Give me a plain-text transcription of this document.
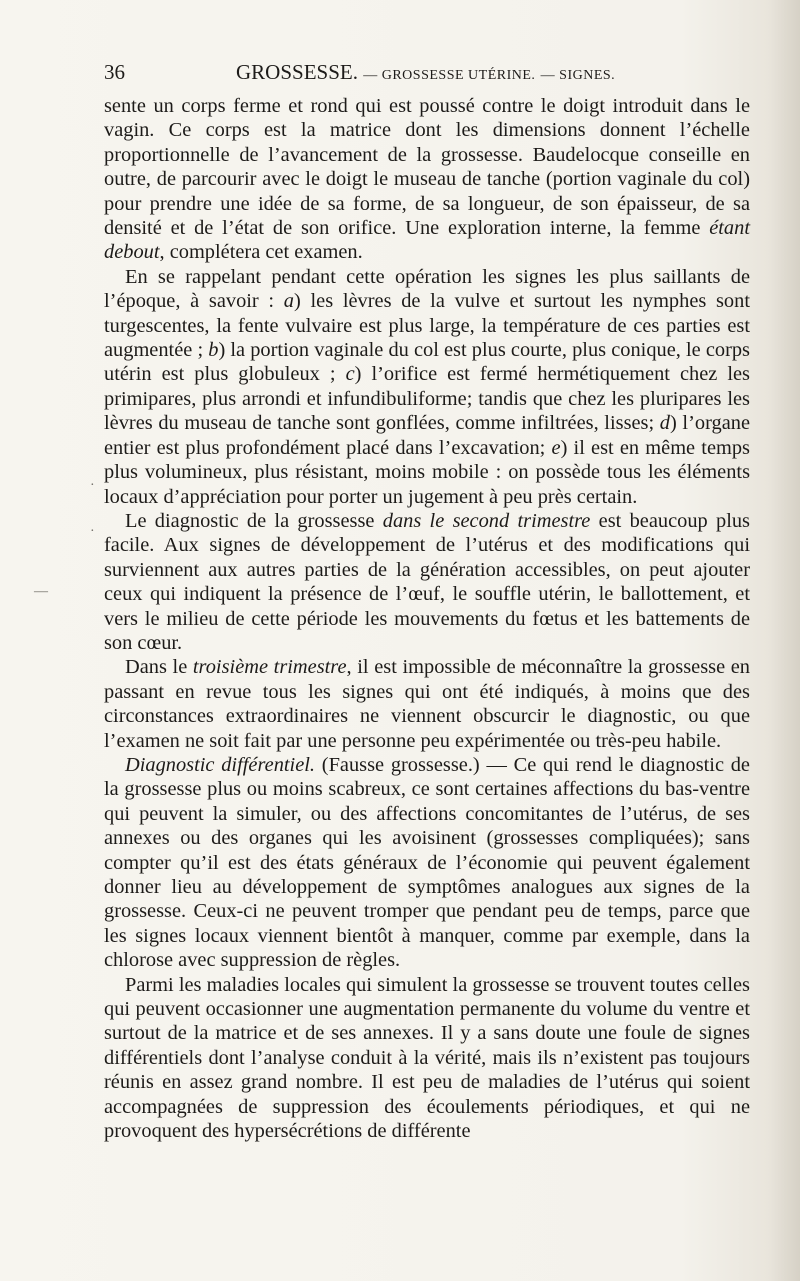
36	GROSSESSE. — GROSSESSE UTÉRINE. — SIGNES.

sente un corps ferme et rond qui est poussé contre le doigt introduit dans le vagin. Ce corps est la matrice dont les dimensions donnent l’échelle proportionnelle de l’avancement de la grossesse. Baudelocque conseille en outre, de parcourir avec le doigt le museau de tanche (portion vaginale du col) pour prendre une idée de sa forme, de sa longueur, de son épaisseur, de sa densité et de l’état de son orifice. Une exploration interne, la femme étant debout, complétera cet examen.

En se rappelant pendant cette opération les signes les plus saillants de l’époque, à savoir : a) les lèvres de la vulve et surtout les nymphes sont turgescentes, la fente vulvaire est plus large, la température de ces parties est augmentée ; b) la portion vaginale du col est plus courte, plus conique, le corps utérin est plus globuleux ; c) l’orifice est fermé hermétiquement chez les primipares, plus arrondi et infundibuliforme; tandis que chez les pluripares les lèvres du museau de tanche sont gonflées, comme infiltrées, lisses; d) l’organe entier est plus profondément placé dans l’excavation; e) il est en même temps plus volumineux, plus résistant, moins mobile : on possède tous les éléments locaux d’appréciation pour porter un jugement à peu près certain.

Le diagnostic de la grossesse dans le second trimestre est beaucoup plus facile. Aux signes de développement de l’utérus et des modifications qui surviennent aux autres parties de la génération accessibles, on peut ajouter ceux qui indiquent la présence de l’œuf, le souffle utérin, le ballottement, et vers le milieu de cette période les mouvements du fœtus et les battements de son cœur.

Dans le troisième trimestre, il est impossible de méconnaître la grossesse en passant en revue tous les signes qui ont été indiqués, à moins que des circonstances extraordinaires ne viennent obscurcir le diagnostic, ou que l’examen ne soit fait par une personne peu expérimentée ou très-peu habile.

Diagnostic différentiel. (Fausse grossesse.) — Ce qui rend le diagnostic de la grossesse plus ou moins scabreux, ce sont certaines affections du bas-ventre qui peuvent la simuler, ou des affections concomitantes de l’utérus, de ses annexes ou des organes qui les avoisinent (grossesses compliquées); sans compter qu’il est des états généraux de l’économie qui peuvent également donner lieu au développement de symptômes analogues aux signes de la grossesse. Ceux-ci ne peuvent tromper que pendant peu de temps, parce que les signes locaux viennent bientôt à manquer, comme par exemple, dans la chlorose avec suppression de règles.

Parmi les maladies locales qui simulent la grossesse se trouvent toutes celles qui peuvent occasionner une augmentation permanente du volume du ventre et surtout de la matrice et de ses annexes. Il y a sans doute une foule de signes différentiels dont l’analyse conduit à la vérité, mais ils n’existent pas toujours réunis en assez grand nombre. Il est peu de maladies de l’utérus qui soient accompagnées de suppression des écoulements périodiques, et qui ne provoquent des hypersécrétions de différente

—
·
·
